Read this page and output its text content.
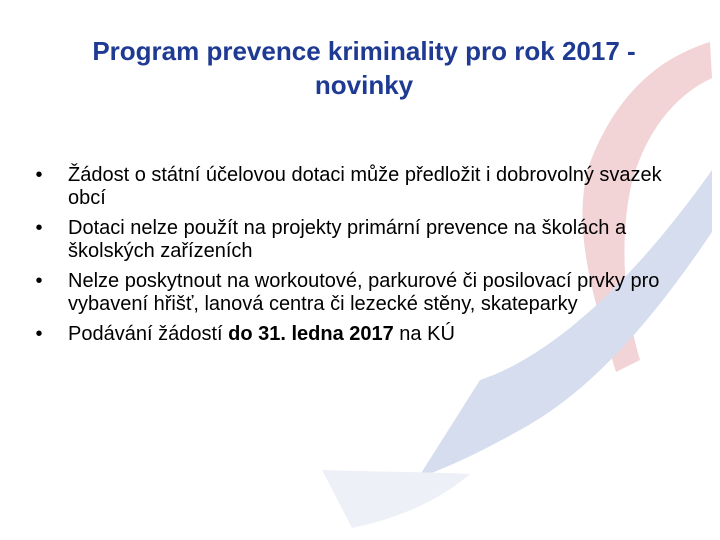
Program prevence kriminality pro rok 2017 - novinky
•	Žádost o státní účelovou dotaci může předložit i dobrovolný svazek obcí
•	Dotaci nelze použít na projekty primární prevence na školách a školských zařízeních
•	Nelze poskytnout na workoutové, parkurové či posilovací prvky pro vybavení hřišť, lanová centra či lezecké stěny, skateparky
•	Podávání žádostí do 31. ledna 2017 na KÚ
